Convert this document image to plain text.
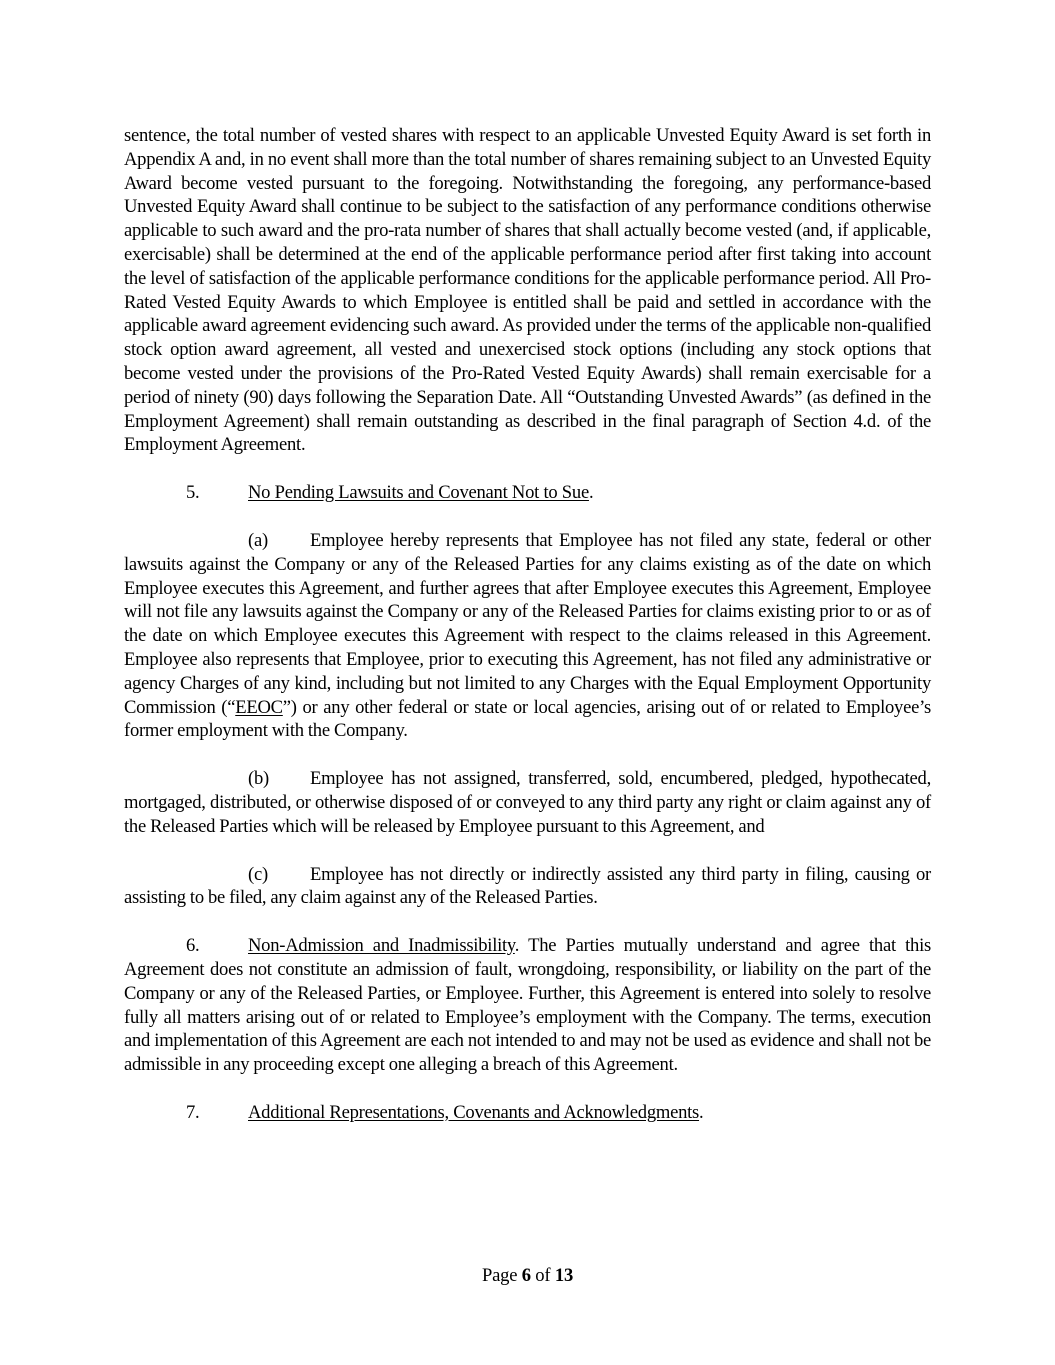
sentence, the total number of vested shares with respect to an applicable Unvested Equity Award is set forth in Appendix A and, in no event shall more than the total number of shares remaining subject to an Unvested Equity Award become vested pursuant to the foregoing. Notwithstanding the foregoing, any performance-based Unvested Equity Award shall continue to be subject to the satisfaction of any performance conditions otherwise applicable to such award and the pro-rata number of shares that shall actually become vested (and, if applicable, exercisable) shall be determined at the end of the applicable performance period after first taking into account the level of satisfaction of the applicable performance conditions for the applicable performance period. All Pro-Rated Vested Equity Awards to which Employee is entitled shall be paid and settled in accordance with the applicable award agreement evidencing such award. As provided under the terms of the applicable non-qualified stock option award agreement, all vested and unexercised stock options (including any stock options that become vested under the provisions of the Pro-Rated Vested Equity Awards) shall remain exercisable for a period of ninety (90) days following the Separation Date. All “Outstanding Unvested Awards” (as defined in the Employment Agreement) shall remain outstanding as described in the final paragraph of Section 4.d. of the Employment Agreement.

5.	No Pending Lawsuits and Covenant Not to Sue.

(a) Employee hereby represents that Employee has not filed any state, federal or other lawsuits against the Company or any of the Released Parties for any claims existing as of the date on which Employee executes this Agreement, and further agrees that after Employee executes this Agreement, Employee will not file any lawsuits against the Company or any of the Released Parties for claims existing prior to or as of the date on which Employee executes this Agreement with respect to the claims released in this Agreement. Employee also represents that Employee, prior to executing this Agreement, has not filed any administrative or agency Charges of any kind, including but not limited to any Charges with the Equal Employment Opportunity Commission (“EEOC”) or any other federal or state or local agencies, arising out of or related to Employee’s former employment with the Company.

(b) Employee has not assigned, transferred, sold, encumbered, pledged, hypothecated, mortgaged, distributed, or otherwise disposed of or conveyed to any third party any right or claim against any of the Released Parties which will be released by Employee pursuant to this Agreement, and

(c) Employee has not directly or indirectly assisted any third party in filing, causing or assisting to be filed, any claim against any of the Released Parties.

6.	Non-Admission and Inadmissibility. The Parties mutually understand and agree that this Agreement does not constitute an admission of fault, wrongdoing, responsibility, or liability on the part of the Company or any of the Released Parties, or Employee. Further, this Agreement is entered into solely to resolve fully all matters arising out of or related to Employee’s employment with the Company. The terms, execution and implementation of this Agreement are each not intended to and may not be used as evidence and shall not be admissible in any proceeding except one alleging a breach of this Agreement.

7.	Additional Representations, Covenants and Acknowledgments.
Page 6 of 13
